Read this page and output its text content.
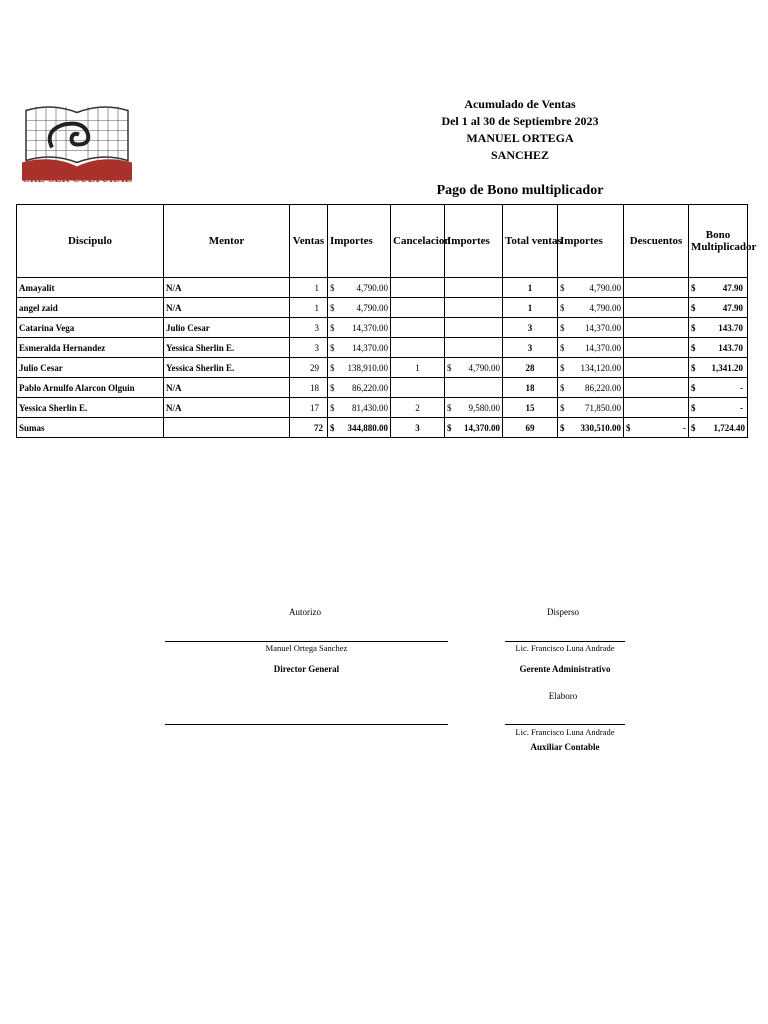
CRE-SER CULTURAL
Acumulado de Ventas
Del 1 al 30 de Septiembre 2023
MANUEL ORTEGA SANCHEZ
Pago de Bono multiplicador
Discipulo	Mentor	Ventas	Importes	Cancelacion	Importes	Total ventas	Importes	Descuentos	Bono
Multiplicador

Amayalit	N/A	1	$ 4,790.00			1	$ 4,790.00		$ 47.90

angel zaid	N/A	1	$ 4,790.00			1	$ 4,790.00		$ 47.90

Catarina Vega	Julio Cesar	3	$ 14,370.00			3	$ 14,370.00		$ 143.70

Esmeralda Hernandez	Yessica Sherlin E.	3	$ 14,370.00			3	$ 14,370.00		$ 143.70

Julio Cesar	Yessica Sherlin E.	29	$ 138,910.00	1	$ 4,790.00	28	$ 134,120.00		$ 1,341.20

Pablo Arnulfo Alarcon Olguin	N/A	18	$ 86,220.00			18	$ 86,220.00		$ -

Yessica Sherlin E.	N/A	17	$ 81,430.00	2	$ 9,580.00	15	$ 71,850.00		$ -

Sumas		72	$ 344,880.00	3	$ 14,370.00	69	$ 330,510.00	$ -	$ 1,724.40
Autorizo
Manuel Ortega Sanchez
Director General
Disperso
Lic. Francisco Luna Andrade
Gerente Administrativo
Elaboro
Lic. Francisco Luna Andrade
Auxiliar Contable
